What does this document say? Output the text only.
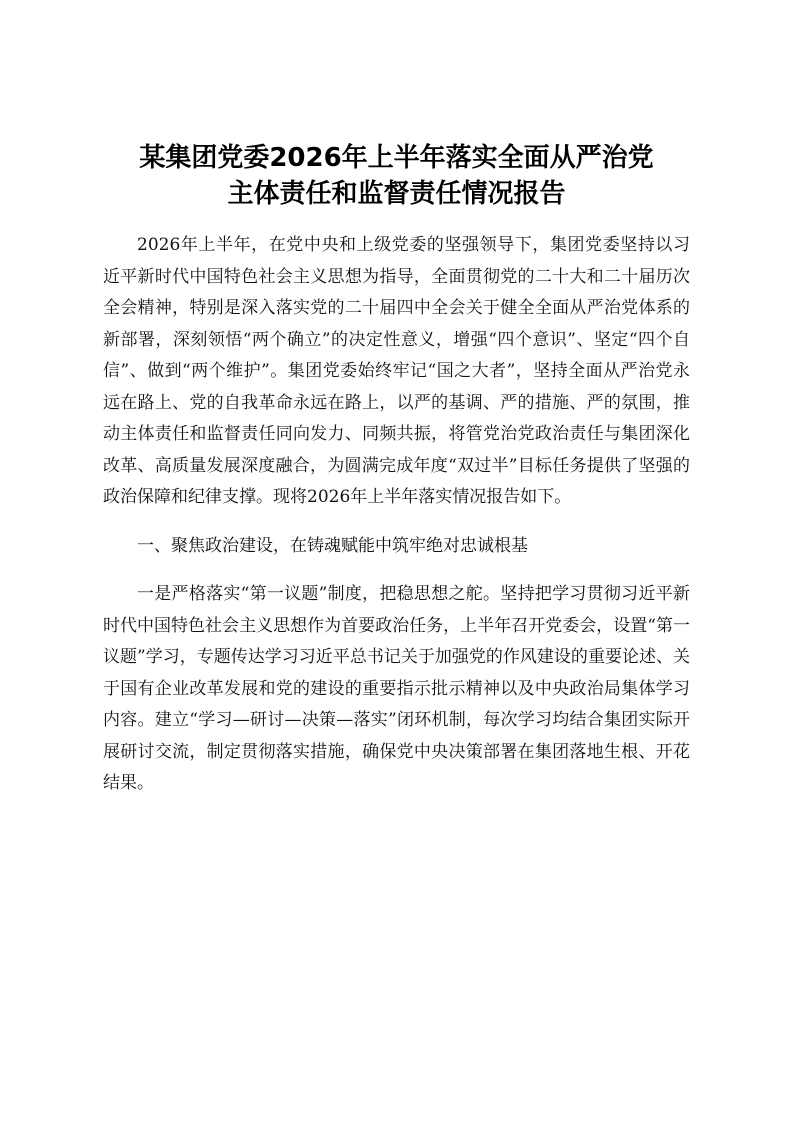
某集团党委2026年上半年落实全面从严治党
主体责任和监督责任情况报告

2026年上半年，在党中央和上级党委的坚强领导下，集团党委坚持以习近平新时代中国特色社会主义思想为指导，全面贯彻党的二十大和二十届历次全会精神，特别是深入落实党的二十届四中全会关于健全全面从严治党体系的新部署，深刻领悟“两个确立”的决定性意义，增强“四个意识”、坚定“四个自信”、做到“两个维护”。集团党委始终牢记“国之大者”，坚持全面从严治党永远在路上、党的自我革命永远在路上，以严的基调、严的措施、严的氛围，推动主体责任和监督责任同向发力、同频共振，将管党治党政治责任与集团深化改革、高质量发展深度融合，为圆满完成年度“双过半”目标任务提供了坚强的政治保障和纪律支撑。现将2026年上半年落实情况报告如下。

一、聚焦政治建设，在铸魂赋能中筑牢绝对忠诚根基

一是严格落实“第一议题”制度，把稳思想之舵。坚持把学习贯彻习近平新时代中国特色社会主义思想作为首要政治任务，上半年召开党委会，设置“第一议题”学习，专题传达学习习近平总书记关于加强党的作风建设的重要论述、关于国有企业改革发展和党的建设的重要指示批示精神以及中央政治局集体学习内容。建立“学习—研讨—决策—落实”闭环机制，每次学习均结合集团实际开展研讨交流，制定贯彻落实措施，确保党中央决策部署在集团落地生根、开花结果。
